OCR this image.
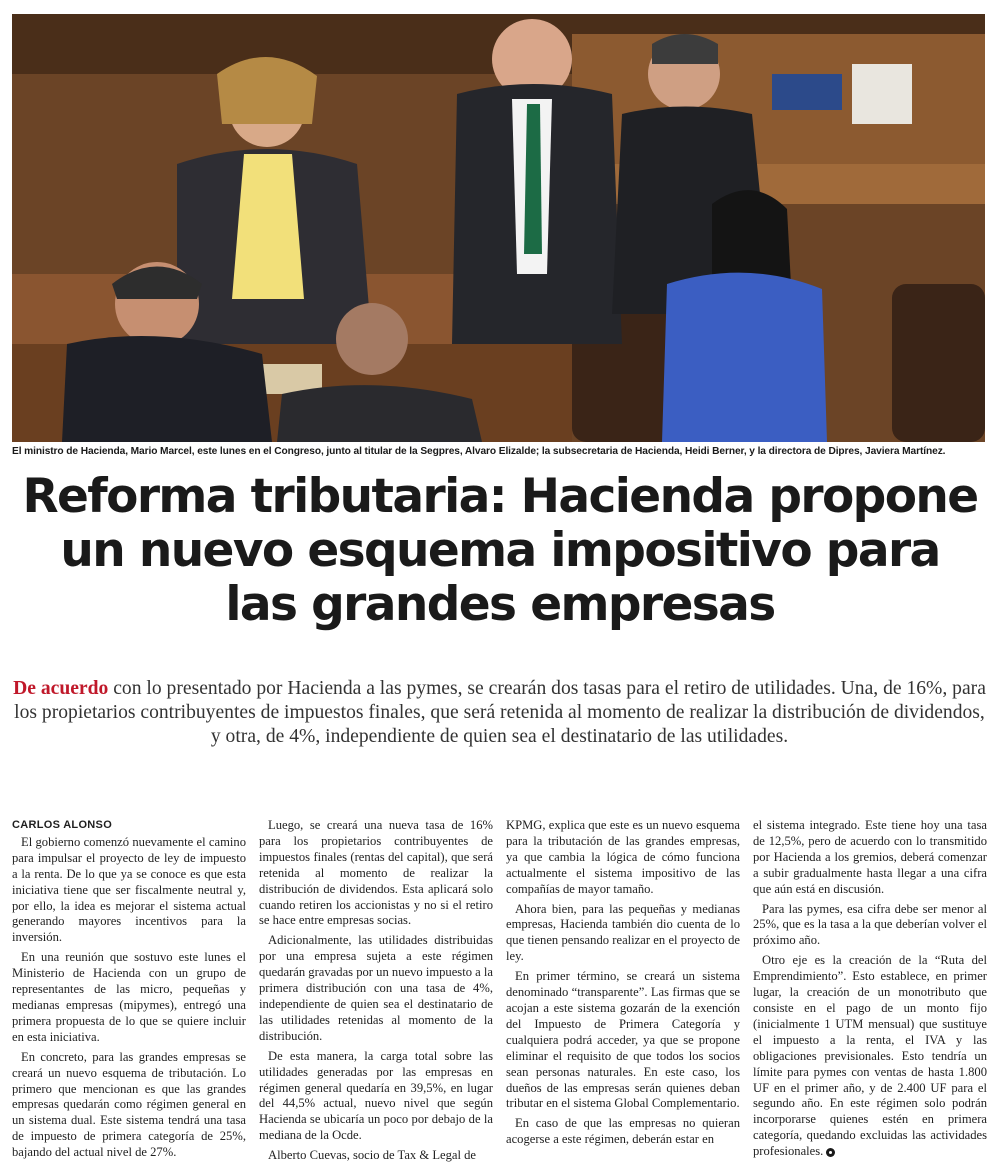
El ministro de Hacienda, Mario Marcel, este lunes en el Congreso, junto al titular de la Segpres, Alvaro Elizalde; la subsecretaria de Hacienda, Heidi Berner, y la directora de Dipres, Javiera Martínez.
Reforma tributaria: Hacienda propone un nuevo esquema impositivo para las grandes empresas

De acuerdo con lo presentado por Hacienda a las pymes, se crearán dos tasas para el retiro de utilidades. Una, de 16%, para los propietarios contribuyentes de impuestos finales, que será retenida al momento de realizar la distribución de dividendos, y otra, de 4%, independiente de quien sea el destinatario de las utilidades.

CARLOS ALONSO

El gobierno comenzó nuevamente el camino para impulsar el proyecto de ley de impuesto a la renta. De lo que ya se conoce es que esta iniciativa tiene que ser fiscalmente neutral y, por ello, la idea es mejorar el sistema actual generando mayores incentivos para la inversión.

En una reunión que sostuvo este lunes el Ministerio de Hacienda con un grupo de representantes de las micro, pequeñas y medianas empresas (mipymes), entregó una primera propuesta de lo que se quiere incluir en esta iniciativa.

En concreto, para las grandes empresas se creará un nuevo esquema de tributación. Lo primero que mencionan es que las grandes empresas quedarán como régimen general en un sistema dual. Este sistema tendrá una tasa de impuesto de primera categoría de 25%, bajando del actual nivel de 27%.

Luego, se creará una nueva tasa de 16% para los propietarios contribuyentes de impuestos finales (rentas del capital), que será retenida al momento de realizar la distribución de dividendos. Esta aplicará solo cuando retiren los accionistas y no si el retiro se hace entre empresas socias.

Adicionalmente, las utilidades distribuidas por una empresa sujeta a este régimen quedarán gravadas por un nuevo impuesto a la primera distribución con una tasa de 4%, independiente de quien sea el destinatario de las utilidades retenidas al momento de la distribución.

De esta manera, la carga total sobre las utilidades generadas por las empresas en régimen general quedaría en 39,5%, en lugar del 44,5% actual, nuevo nivel que según Hacienda se ubicaría un poco por debajo de la mediana de la Ocde.

Alberto Cuevas, socio de Tax & Legal de

KPMG, explica que este es un nuevo esquema para la tributación de las grandes empresas, ya que cambia la lógica de cómo funciona actualmente el sistema impositivo de las compañías de mayor tamaño.

Ahora bien, para las pequeñas y medianas empresas, Hacienda también dio cuenta de lo que tienen pensando realizar en el proyecto de ley.

En primer término, se creará un sistema denominado “transparente”. Las firmas que se acojan a este sistema gozarán de la exención del Impuesto de Primera Categoría y cualquiera podrá acceder, ya que se propone eliminar el requisito de que todos los socios sean personas naturales. En este caso, los dueños de las empresas serán quienes deban tributar en el sistema Global Complementario.

En caso de que las empresas no quieran acogerse a este régimen, deberán estar en

el sistema integrado. Este tiene hoy una tasa de 12,5%, pero de acuerdo con lo transmitido por Hacienda a los gremios, deberá comenzar a subir gradualmente hasta llegar a una cifra que aún está en discusión.

Para las pymes, esa cifra debe ser menor al 25%, que es la tasa a la que deberían volver el próximo año.

Otro eje es la creación de la “Ruta del Emprendimiento”. Esto establece, en primer lugar, la creación de un monotributo que consiste en el pago de un monto fijo (inicialmente 1 UTM mensual) que sustituye el impuesto a la renta, el IVA y las obligaciones previsionales. Esto tendría un límite para pymes con ventas de hasta 1.800 UF en el primer año, y de 2.400 UF para el segundo año. En este régimen solo podrán incorporarse quienes estén en primera categoría, quedando excluidas las actividades profesionales.
